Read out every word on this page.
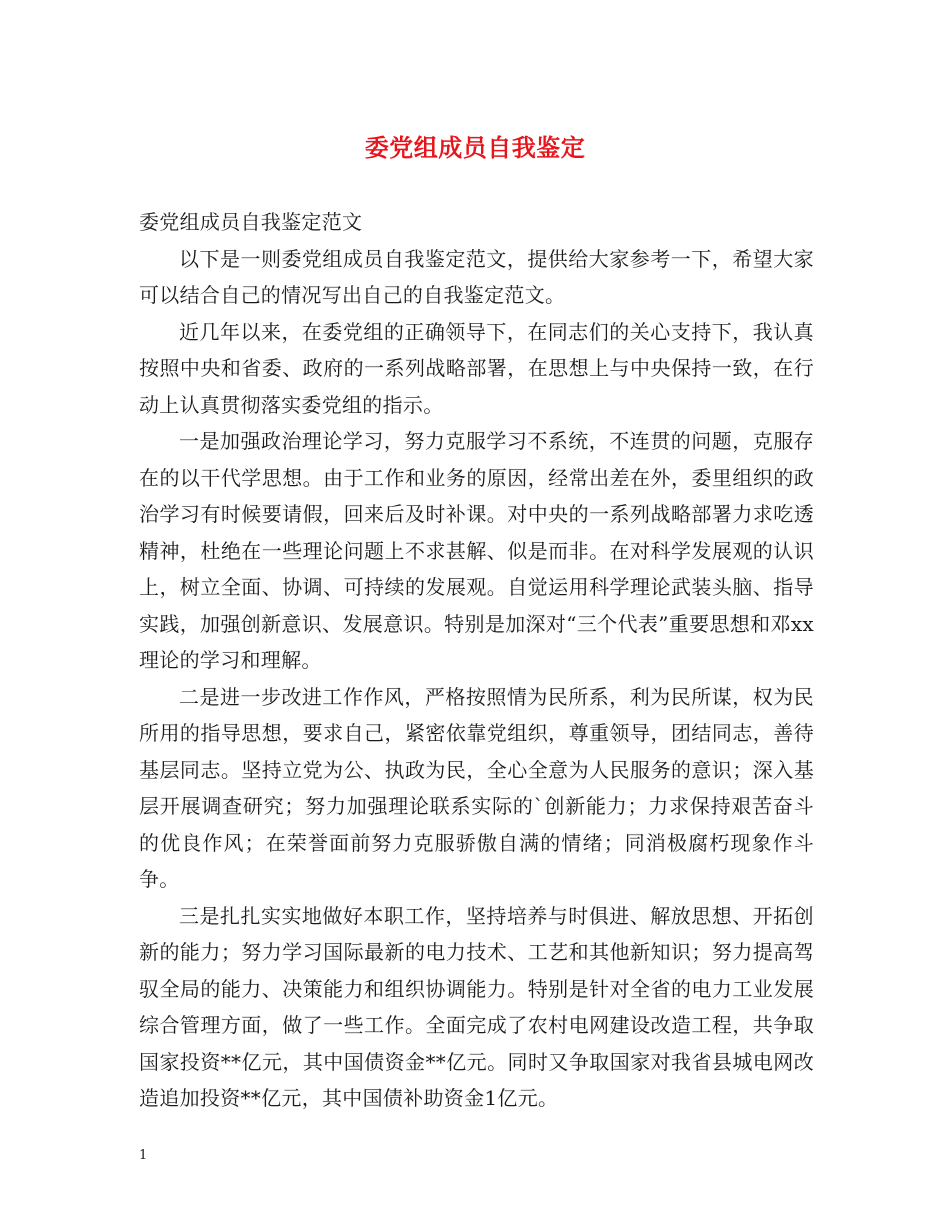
委党组成员自我鉴定

委党组成员自我鉴定范文

以下是一则委党组成员自我鉴定范文，提供给大家参考一下，希望大家可以结合自己的情况写出自己的自我鉴定范文。

近几年以来，在委党组的正确领导下，在同志们的关心支持下，我认真按照中央和省委、政府的一系列战略部署，在思想上与中央保持一致，在行动上认真贯彻落实委党组的指示。

一是加强政治理论学习，努力克服学习不系统，不连贯的问题，克服存在的以干代学思想。由于工作和业务的原因，经常出差在外，委里组织的政治学习有时候要请假，回来后及时补课。对中央的一系列战略部署力求吃透精神，杜绝在一些理论问题上不求甚解、似是而非。在对科学发展观的认识上，树立全面、协调、可持续的发展观。自觉运用科学理论武装头脑、指导实践，加强创新意识、发展意识。特别是加深对“三个代表”重要思想和邓xx理论的学习和理解。

二是进一步改进工作作风，严格按照情为民所系，利为民所谋，权为民所用的指导思想，要求自己，紧密依靠党组织，尊重领导，团结同志，善待基层同志。坚持立党为公、执政为民，全心全意为人民服务的意识；深入基层开展调查研究；努力加强理论联系实际的`创新能力；力求保持艰苦奋斗的优良作风；在荣誉面前努力克服骄傲自满的情绪；同消极腐朽现象作斗争。

三是扎扎实实地做好本职工作，坚持培养与时俱进、解放思想、开拓创新的能力；努力学习国际最新的电力技术、工艺和其他新知识；努力提高驾驭全局的能力、决策能力和组织协调能力。特别是针对全省的电力工业发展综合管理方面，做了一些工作。全面完成了农村电网建设改造工程，共争取国家投资**亿元，其中国债资金**亿元。同时又争取国家对我省县城电网改造追加投资**亿元，其中国债补助资金1亿元。

1
